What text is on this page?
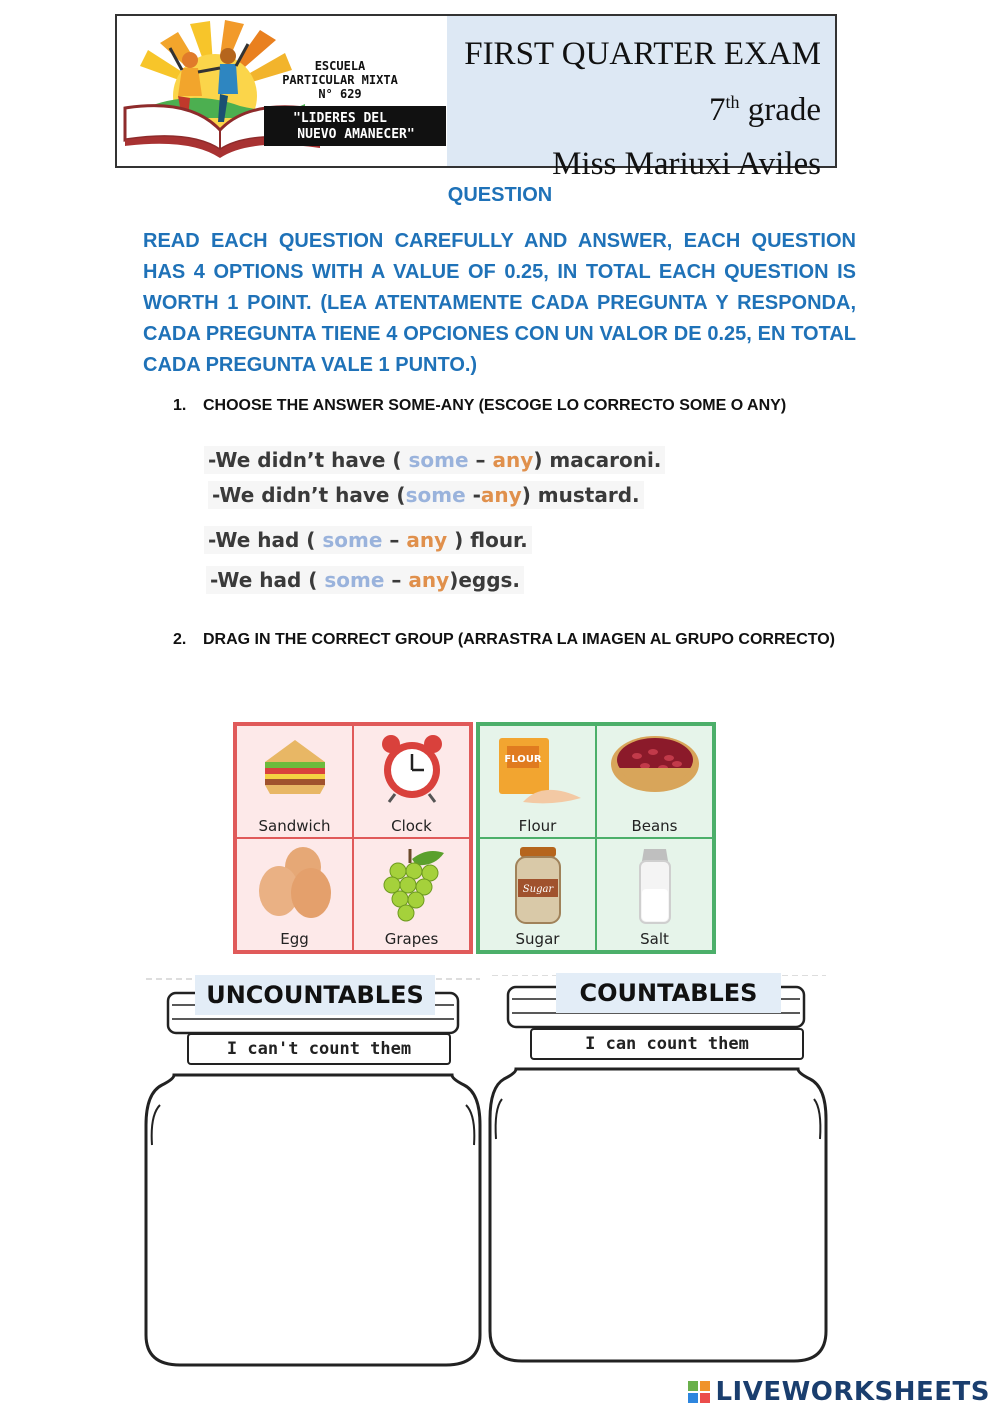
FIRST QUARTER EXAM
7th grade
Miss Mariuxi Aviles
ESCUELA
PARTICULAR MIXTA
N° 629
"LIDERES DEL
NUEVO AMANECER"
QUESTION
READ EACH QUESTION CAREFULLY AND ANSWER, EACH QUESTION HAS 4 OPTIONS WITH A VALUE OF 0.25, IN TOTAL EACH QUESTION IS WORTH 1 POINT. (LEA ATENTAMENTE CADA PREGUNTA Y RESPONDA, CADA PREGUNTA TIENE 4 OPCIONES CON UN VALOR DE 0.25, EN TOTAL CADA PREGUNTA VALE 1 PUNTO.)
1. CHOOSE THE ANSWER SOME-ANY (ESCOGE LO CORRECTO SOME O ANY)
-We didn’t have ( some – any) macaroni.
-We didn’t have (some -any) mustard.
-We had ( some – any ) flour.
-We had ( some – any)eggs.
2. DRAG IN THE CORRECT GROUP (ARRASTRA LA IMAGEN AL GRUPO CORRECTO)
Sandwich	Clock
Egg	Grapes
FLOUR
Flour	Beans
Sugar
Sugar	Salt
UNCOUNTABLES
I can't count them
COUNTABLES
I can count them
LIVEWORKSHEETS
